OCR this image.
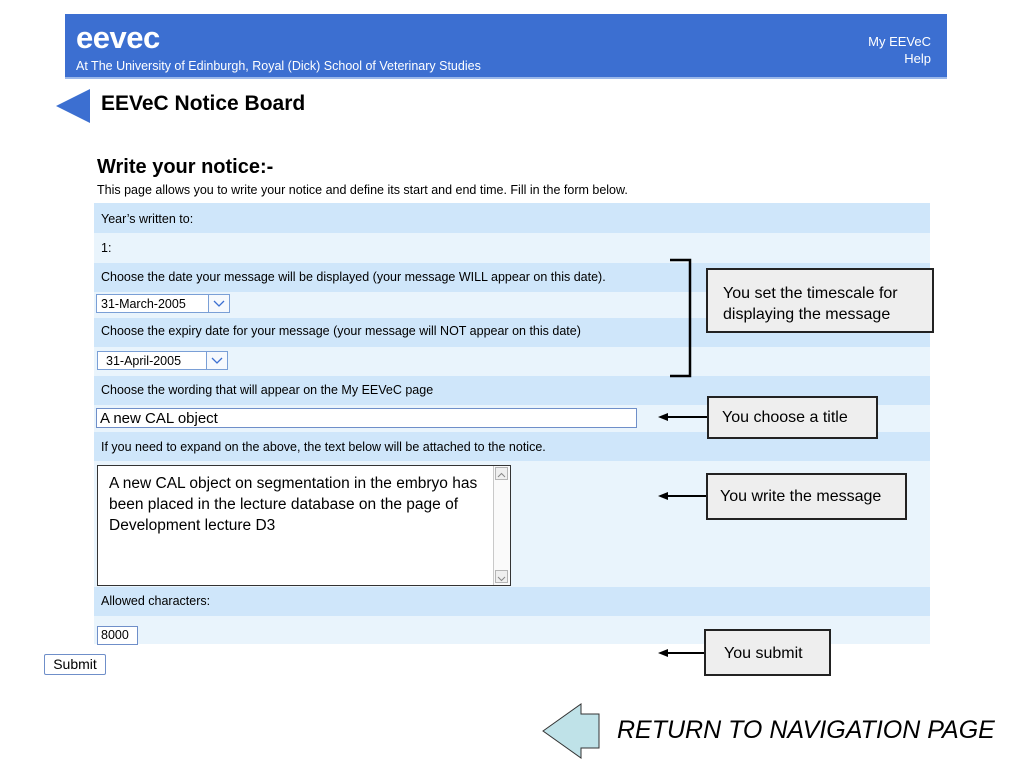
eevec
At The University of Edinburgh, Royal (Dick) School of Veterinary Studies
My EEVeC
Help
EEVeC Notice Board
Write your notice:-
This page allows you to write your notice and define its start and end time. Fill in the form below.
Year’s written to:
1:
Choose the date your message will be displayed (your message WILL appear on this date).
Choose the expiry date for your message (your message will NOT appear on this date)
Choose the wording that will appear on the My EEVeC page
If you need to expand on the above, the text below will be attached to the notice.
Allowed characters:
31-March-2005
31-April-2005
A new CAL object
A new CAL object on segmentation in the embryo has been placed in the lecture database on the page of Development lecture D3
8000
Submit
You set the timescale for displaying the message
You choose a title
You write the message
You submit
RETURN TO NAVIGATION PAGE
